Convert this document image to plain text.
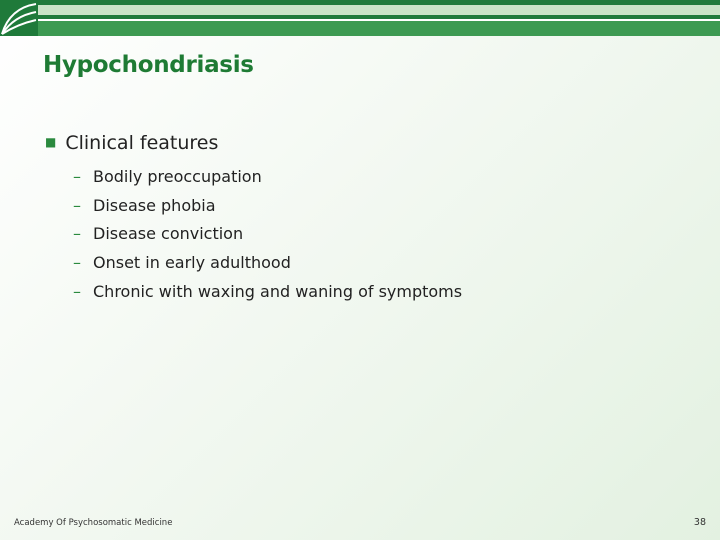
Hypochondriasis
■ Clinical features
– Bodily preoccupation
– Disease phobia
– Disease conviction
– Onset in early adulthood
– Chronic with waxing and waning of symptoms
Academy Of Psychosomatic Medicine	38
